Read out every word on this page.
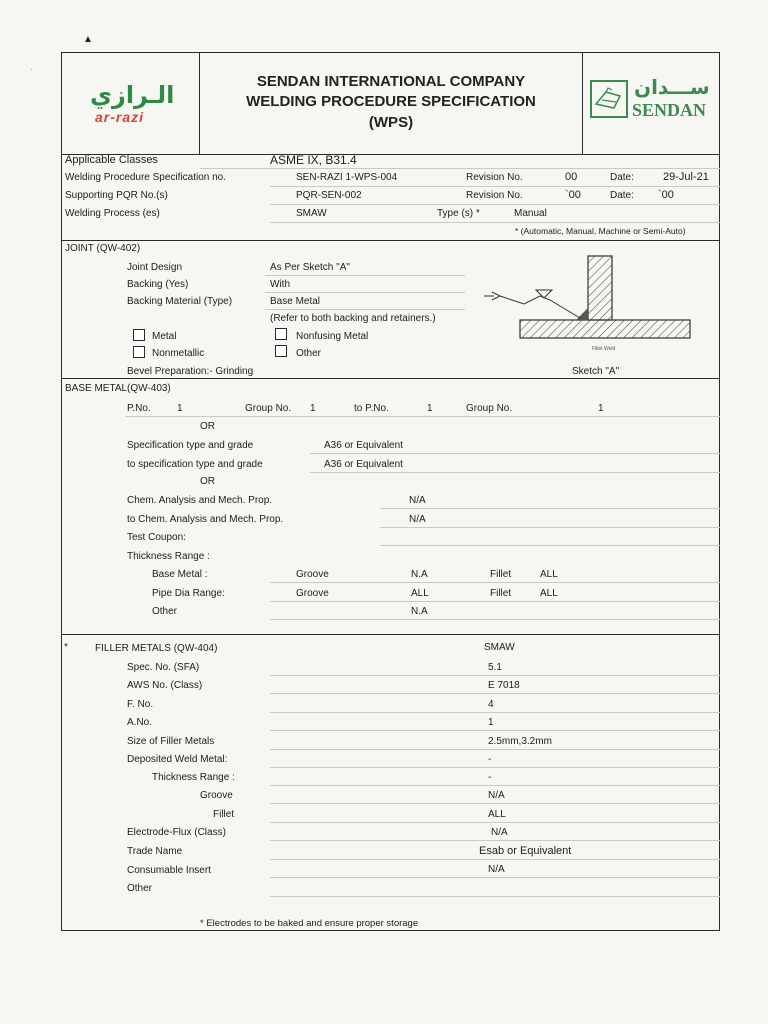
▲
·
الـرازي
ar-razi
SENDAN INTERNATIONAL COMPANY
WELDING PROCEDURE SPECIFICATION
(WPS)
ســـدان
SENDAN
Applicable Classes	ASME IX, B31.4
Welding Procedure Specification no.	SEN-RAZI 1-WPS-004	Revision No.	00	Date:	29-Jul-21
Supporting PQR No.(s)	PQR-SEN-002	Revision No.	`00	Date: `00
Welding Process (es)	SMAW	Type (s) *	Manual
* (Automatic, Manual, Machine or Semi-Auto)
JOINT (QW-402)
Joint Design	As Per Sketch "A"
Backing (Yes)	With
Backing Material (Type)	Base Metal
(Refer to both backing and retainers.)
Metal	Nonfusing Metal
Nonmetallic	Other
Bevel Preparation:- Grinding
Fillet Weld
Sketch "A"
BASE METAL(QW-403)
P.No.	1	Group No. 1	to P.No.	1	Group No.	1
OR
Specification type and grade	A36 or Equivalent
to specification type and grade	A36 or Equivalent
OR
Chem. Analysis and Mech. Prop.	N/A
to Chem. Analysis and Mech. Prop.	N/A
Test Coupon:
Thickness Range :
Base Metal :	Groove	N.A	Fillet	ALL
Pipe Dia Range:	Groove	ALL	Fillet	ALL
Other	N.A
*	FILLER METALS (QW-404)	SMAW
Spec. No. (SFA)	5.1
AWS No. (Class)	E 7018
F. No.	4
A.No.	1
Size of Filler Metals	2.5mm,3.2mm
Deposited Weld Metal:	-
Thickness Range :	-
Groove	N/A
Fillet	ALL
Electrode-Flux (Class)	N/A
Trade Name	Esab or Equivalent
Consumable Insert	N/A
Other
* Electrodes to be baked and ensure proper storage
